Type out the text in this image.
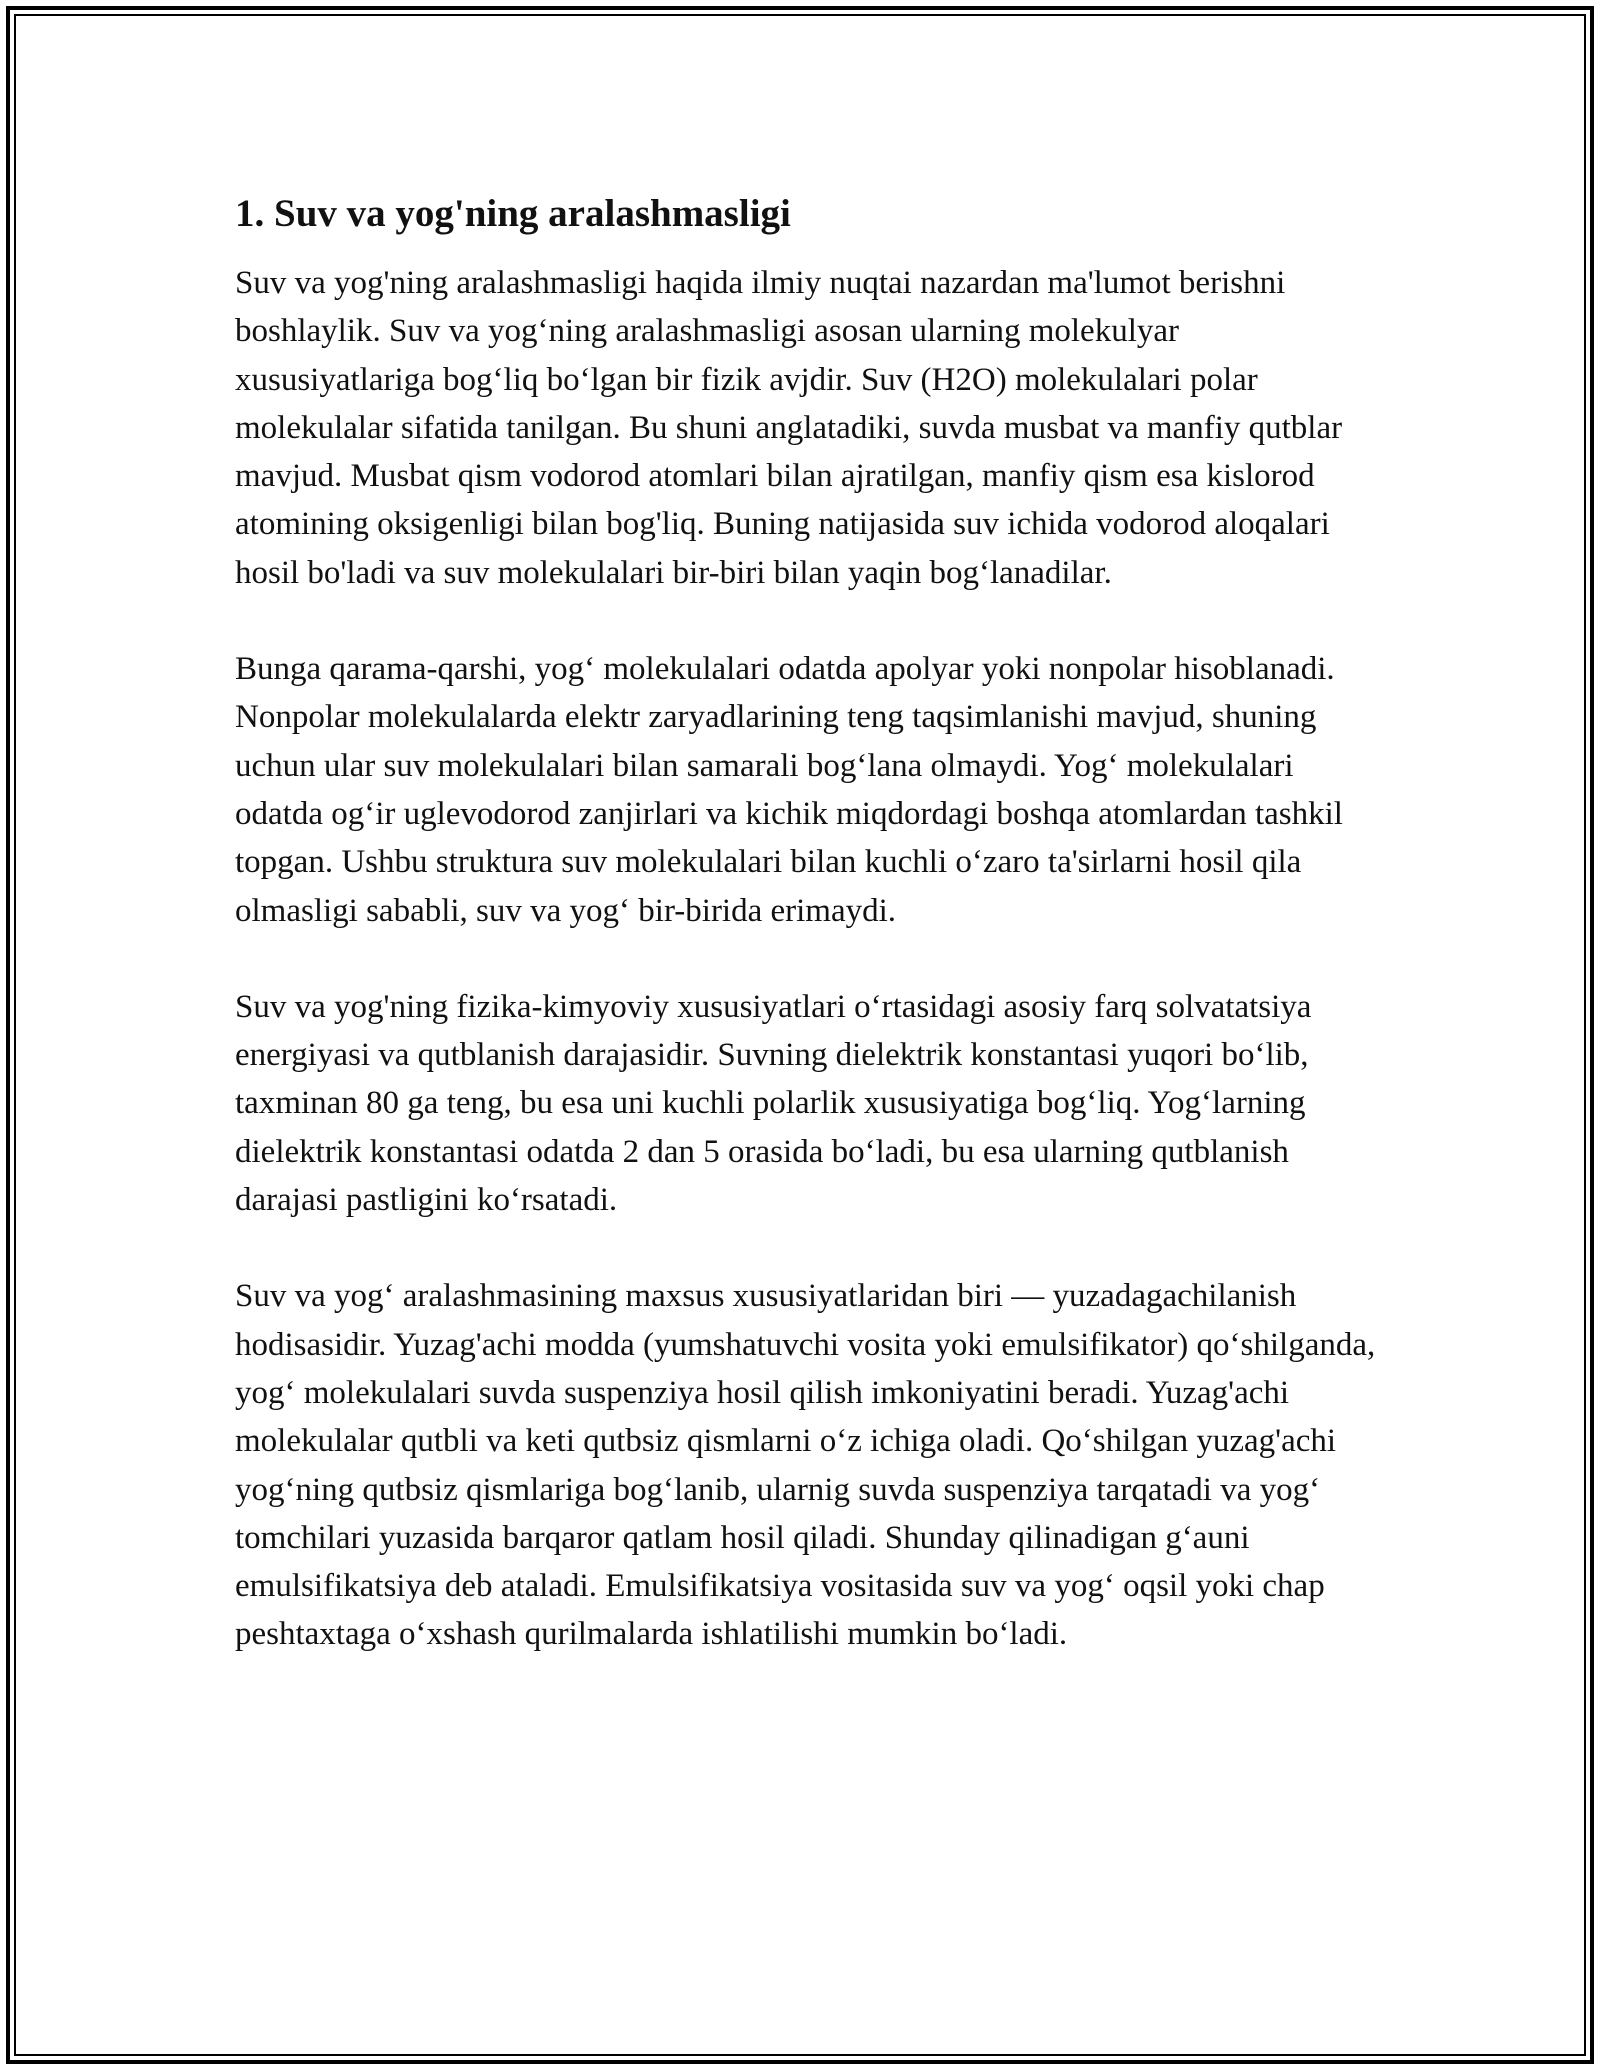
1. Suv va yog'ning aralashmasligi

Suv va yog'ning aralashmasligi haqida ilmiy nuqtai nazardan ma'lumot berishni boshlaylik. Suv va yog‘ning aralashmasligi asosan ularning molekulyar xususiyatlariga bog‘liq bo‘lgan bir fizik avjdir. Suv (H2O) molekulalari polar molekulalar sifatida tanilgan. Bu shuni anglatadiki, suvda musbat va manfiy qutblar mavjud. Musbat qism vodorod atomlari bilan ajratilgan, manfiy qism esa kislorod atomining oksigenligi bilan bog'liq. Buning natijasida suv ichida vodorod aloqalari hosil bo'ladi va suv molekulalari bir-biri bilan yaqin bog‘lanadilar.

Bunga qarama-qarshi, yog‘ molekulalari odatda apolyar yoki nonpolar hisoblanadi. Nonpolar molekulalarda elektr zaryadlarining teng taqsimlanishi mavjud, shuning uchun ular suv molekulalari bilan samarali bog‘lana olmaydi. Yog‘ molekulalari odatda og‘ir uglevodorod zanjirlari va kichik miqdordagi boshqa atomlardan tashkil topgan. Ushbu struktura suv molekulalari bilan kuchli o‘zaro ta'sirlarni hosil qila olmasligi sababli, suv va yog‘ bir-birida erimaydi.

Suv va yog'ning fizika-kimyoviy xususiyatlari o‘rtasidagi asosiy farq solvatatsiya energiyasi va qutblanish darajasidir. Suvning dielektrik konstantasi yuqori bo‘lib, taxminan 80 ga teng, bu esa uni kuchli polarlik xususiyatiga bog‘liq. Yog‘larning dielektrik konstantasi odatda 2 dan 5 orasida bo‘ladi, bu esa ularning qutblanish darajasi pastligini ko‘rsatadi.

Suv va yog‘ aralashmasining maxsus xususiyatlaridan biri — yuzadagachilanish hodisasidir. Yuzag'achi modda (yumshatuvchi vosita yoki emulsifikator) qo‘shilganda, yog‘ molekulalari suvda suspenziya hosil qilish imkoniyatini beradi. Yuzag'achi molekulalar qutbli va keti qutbsiz qismlarni o‘z ichiga oladi. Qo‘shilgan yuzag'achi yog‘ning qutbsiz qismlariga bog‘lanib, ularnig suvda suspenziya tarqatadi va yog‘ tomchilari yuzasida barqaror qatlam hosil qiladi. Shunday qilinadigan g‘auni emulsifikatsiya deb ataladi. Emulsifikatsiya vositasida suv va yog‘ oqsil yoki chap peshtaxtaga o‘xshash qurilmalarda ishlatilishi mumkin bo‘ladi.
